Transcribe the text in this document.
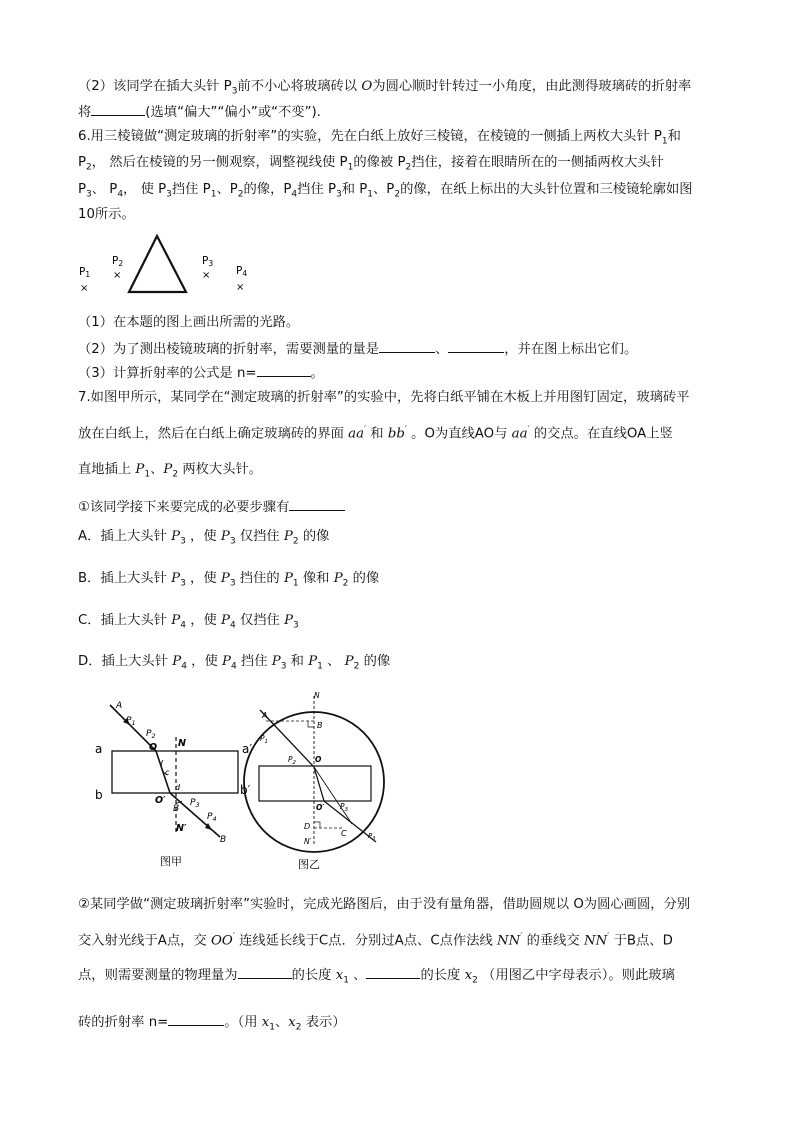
（2）该同学在插大头针 $P_3$前不小心将玻璃砖以 O为圆心顺时针转过一小角度，由此测得玻璃砖的折射率
将	(选填“偏大”“偏小”或“不变”).
6.用三棱镜做“测定玻璃的折射率”的实验，先在白纸上放好三棱镜，在棱镜的一侧插上两枚大头针 $P_1$和
$P_2$， 然后在棱镜的另一侧观察，调整视线使 $P_1$的像被 $P_2$挡住，接着在眼睛所在的一侧插两枚大头针
$P_3$、 $P_4$， 使 $P_3$挡住 $P_1$、$P_2$的像，$P_4$挡住 $P_3$和 $P_1$、$P_2$的像，在纸上标出的大头针位置和三棱镜轮廓如图
10所示。
P1
×
P2
×
P3
× P4
×
（1）在本题的图上画出所需的光路。
（2）为了测出棱镜玻璃的折射率，需要测量的量是	、	，并在图上标出它们。
（3）计算折射率的公式是 n=	。
7.如图甲所示，某同学在“测定玻璃的折射率”的实验中，先将白纸平铺在木板上并用图钉固定，玻璃砖平
放在白纸上，然后在白纸上确定玻璃砖的界面 aa′ 和 bb′ 。O为直线AO与 aa′ 的交点。在直线OA上竖
直地插上 $P_1$、$P_2$ 两枚大头针。
①该同学接下来要完成的必要步骤有
A．插上大头针 $P_3$ ，使 $P_3$ 仅挡住 $P_2$ 的像
B．插上大头针 $P_3$ ，使 $P_3$ 挡住的 $P_1$ 像和 $P_2$ 的像
C．插上大头针 $P_4$ ，使 $P_4$ 仅挡住 $P_3$
D．插上大头针 $P_4$ ，使 $P_4$ 挡住 $P_3$ 和 $P_1$ 、 $P_2$ 的像
A
$P_1$
$P_2$
O N
a	a′
b	b′
c
d
O′	$P_3$
B
$P_4$
B
N′
图甲
N
A
B
$P_1$
$P_2$	O
O′ $P_3$
D
C
N′
$P_3$
图乙
②某同学做“测定玻璃折射率”实验时，完成光路图后，由于没有量角器，借助圆规以 O为圆心画圆，分别
交入射光线于A点，交 OO′ 连线延长线于C点．分别过A点、C点作法线 NN′ 的垂线交 NN′ 于B点、D
点，则需要测量的物理量为	的长度 $x_1$ 、	的长度 $x_2$ （用图乙中字母表示）。则此玻璃
砖的折射率 n=	。（用 $x_1$、$x_2$ 表示）
